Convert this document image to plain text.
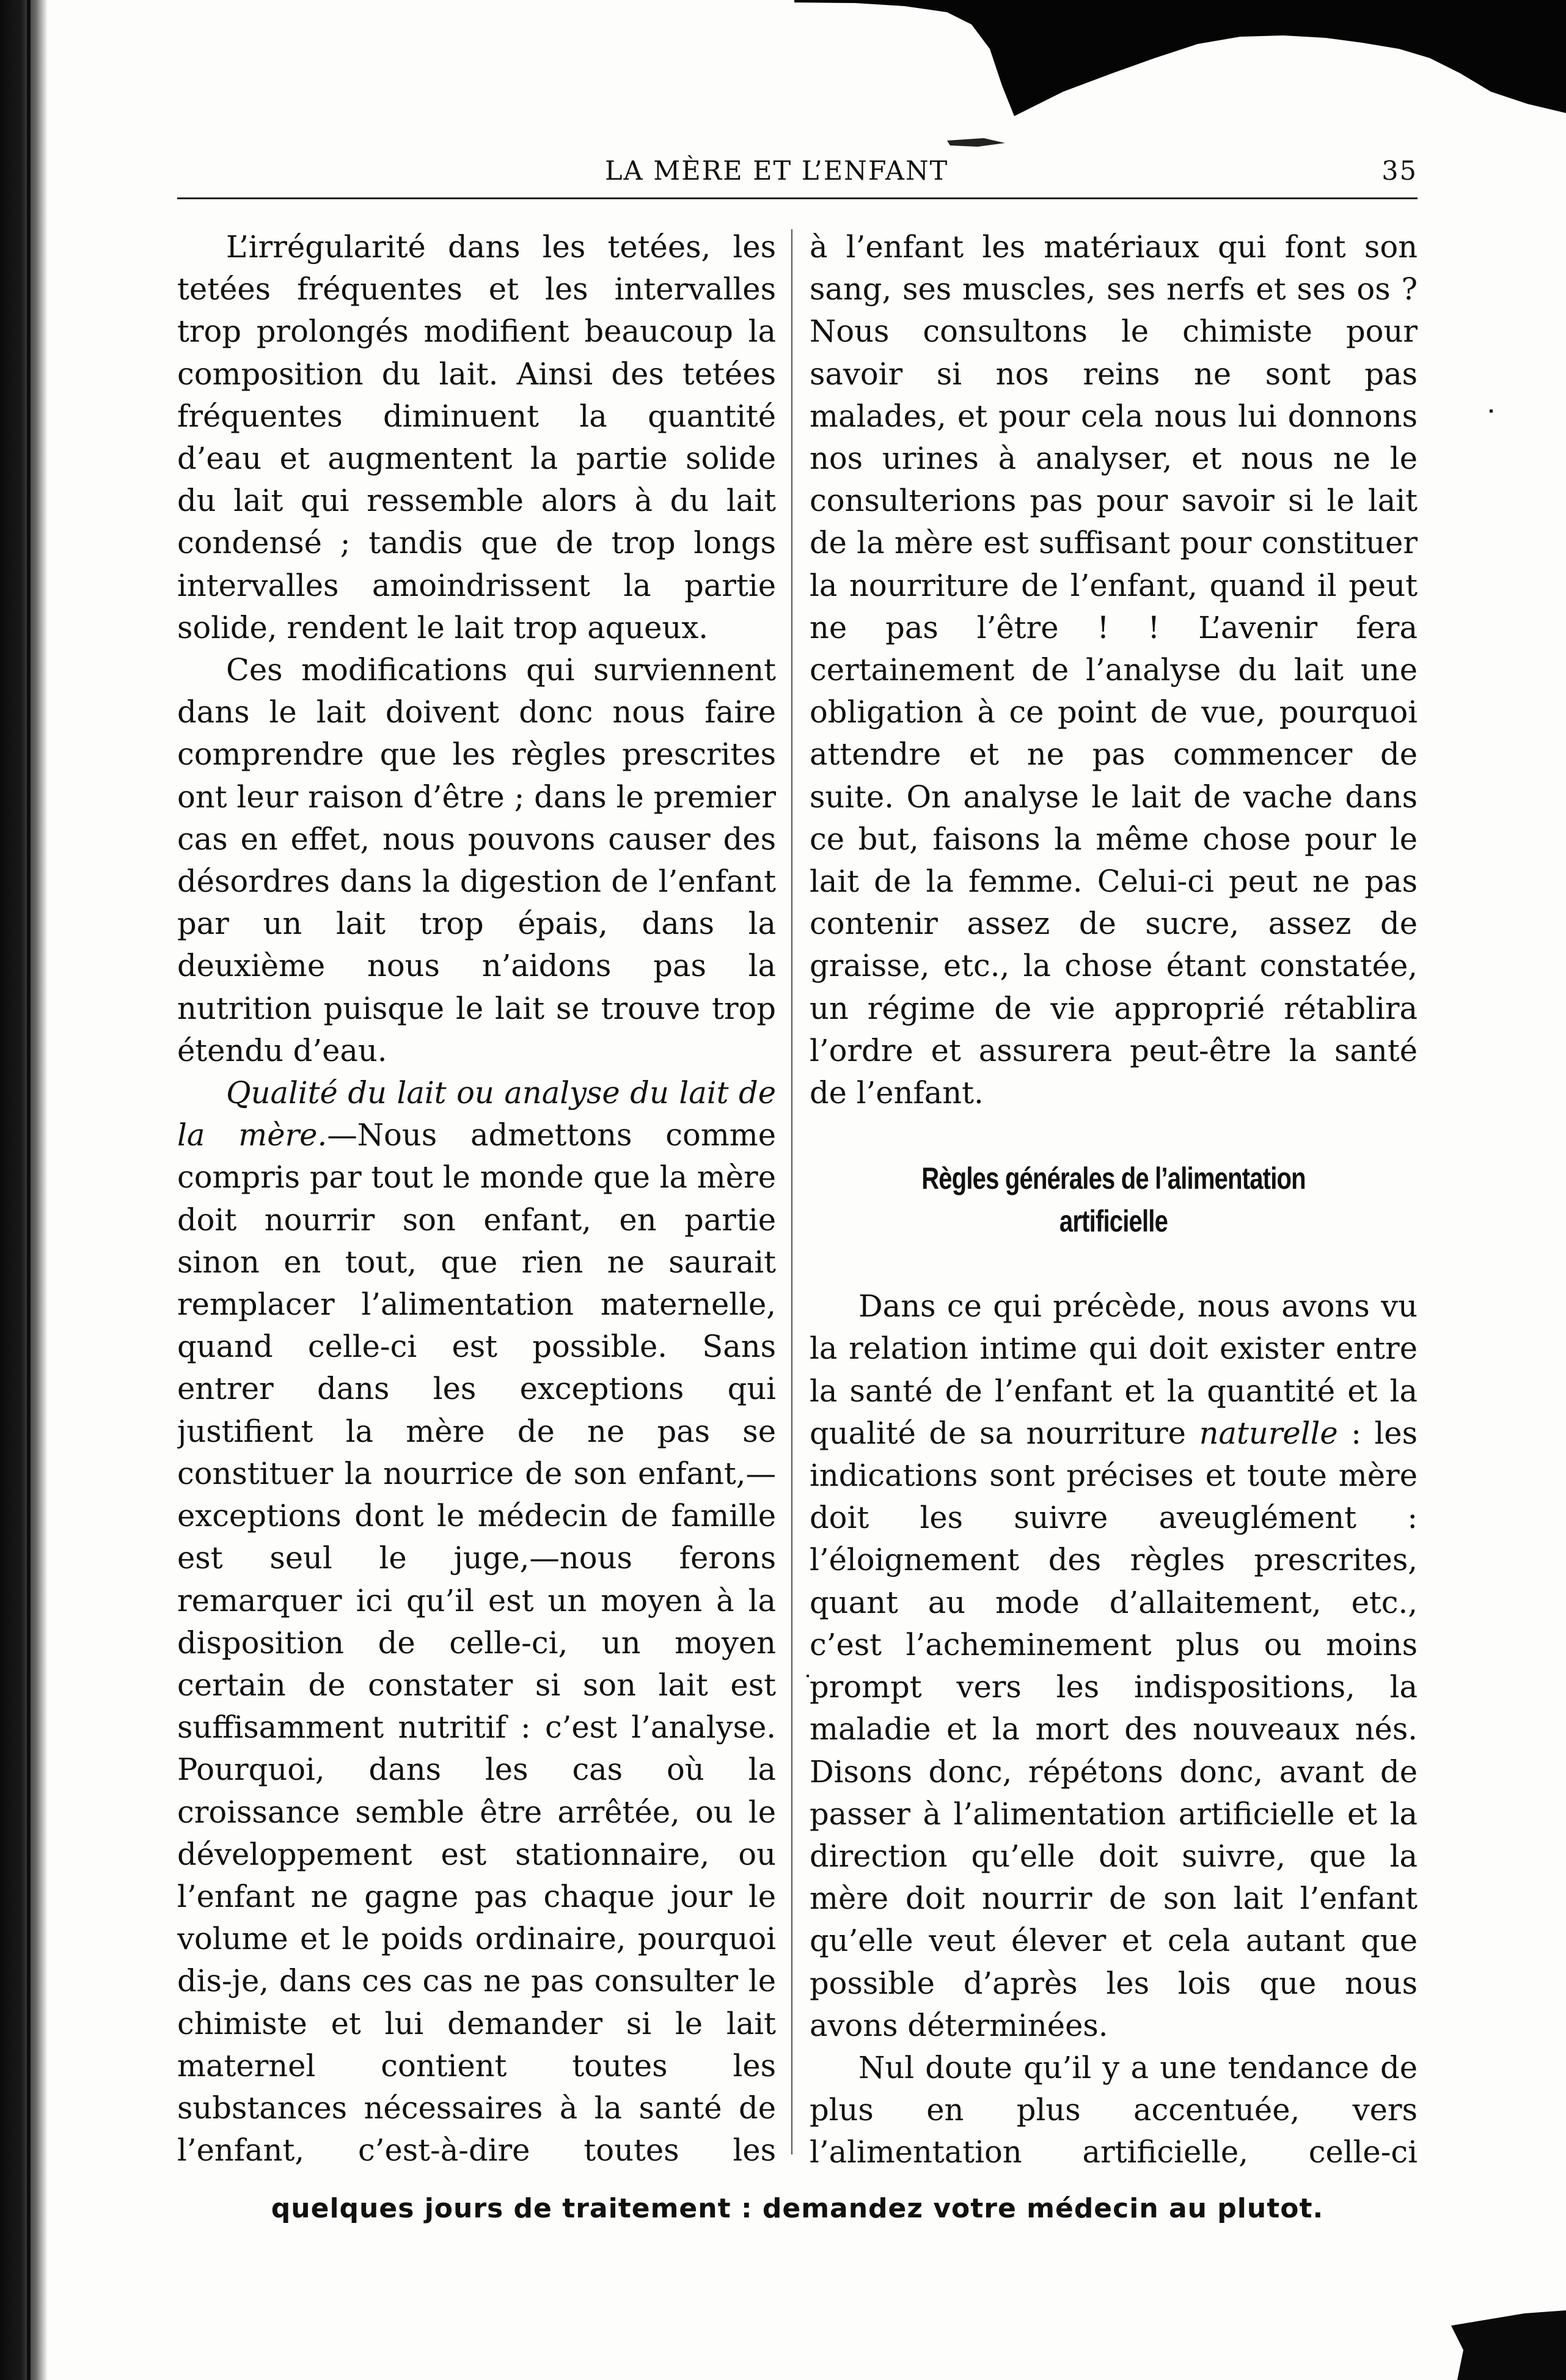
LA MÈRE ET L’ENFANT	35

L’irrégularité dans les tetées, les tetées fréquentes et les intervalles trop prolongés modifient beaucoup la composition du lait. Ainsi des tetées fréquentes diminuent la quantité d’eau et augmentent la partie solide du lait qui ressemble alors à du lait condensé ; tandis que de trop longs intervalles amoindrissent la partie solide, rendent le lait trop aqueux.

Ces modifications qui surviennent dans le lait doivent donc nous faire comprendre que les règles prescrites ont leur raison d’être ; dans le premier cas en effet, nous pouvons causer des désordres dans la digestion de l’enfant par un lait trop épais, dans la deuxième nous n’aidons pas la nutrition puisque le lait se trouve trop étendu d’eau.

Qualité du lait ou analyse du lait de la mère.—Nous admettons comme compris par tout le monde que la mère doit nourrir son enfant, en partie sinon en tout, que rien ne saurait remplacer l’alimentation maternelle, quand celle-ci est possible. Sans entrer dans les exceptions qui justifient la mère de ne pas se constituer la nourrice de son enfant,—exceptions dont le médecin de famille est seul le juge,—nous ferons remarquer ici qu’il est un moyen à la disposition de celle-ci, un moyen certain de constater si son lait est suffisamment nutritif : c’est l’analyse. Pourquoi, dans les cas où la croissance semble être arrêtée, ou le développement est stationnaire, ou l’enfant ne gagne pas chaque jour le volume et le poids ordinaire, pourquoi dis-je, dans ces cas ne pas consulter le chimiste et lui demander si le lait maternel contient toutes les substances nécessaires à la santé de l’enfant, c’est-à-dire toutes les

à l’enfant les matériaux qui font son sang, ses muscles, ses nerfs et ses os ? Nous consultons le chimiste pour savoir si nos reins ne sont pas malades, et pour cela nous lui donnons nos urines à analyser, et nous ne le consulterions pas pour savoir si le lait de la mère est suffisant pour constituer la nourriture de l’enfant, quand il peut ne pas l’être ! ! L’avenir fera certainement de l’analyse du lait une obligation à ce point de vue, pourquoi attendre et ne pas commencer de suite. On analyse le lait de vache dans ce but, faisons la même chose pour le lait de la femme. Celui-ci peut ne pas contenir assez de sucre, assez de graisse, etc., la chose étant constatée, un régime de vie approprié rétablira l’ordre et assurera peut-être la santé de l’enfant.

Règles générales de l’alimentation artificielle

Dans ce qui précède, nous avons vu la relation intime qui doit exister entre la santé de l’enfant et la quantité et la qualité de sa nourriture naturelle : les indications sont précises et toute mère doit les suivre aveuglément : l’éloignement des règles prescrites, quant au mode d’allaitement, etc., c’est l’acheminement plus ou moins prompt vers les indispositions, la maladie et la mort des nouveaux nés. Disons donc, répétons donc, avant de passer à l’alimentation artificielle et la direction qu’elle doit suivre, que la mère doit nourrir de son lait l’enfant qu’elle veut élever et cela autant que possible d’après les lois que nous avons déterminées.

Nul doute qu’il y a une tendance de plus en plus accentuée, vers l’alimentation artificielle, celle-ci

quelques jours de traitement : demandez votre médecin au plutot.
